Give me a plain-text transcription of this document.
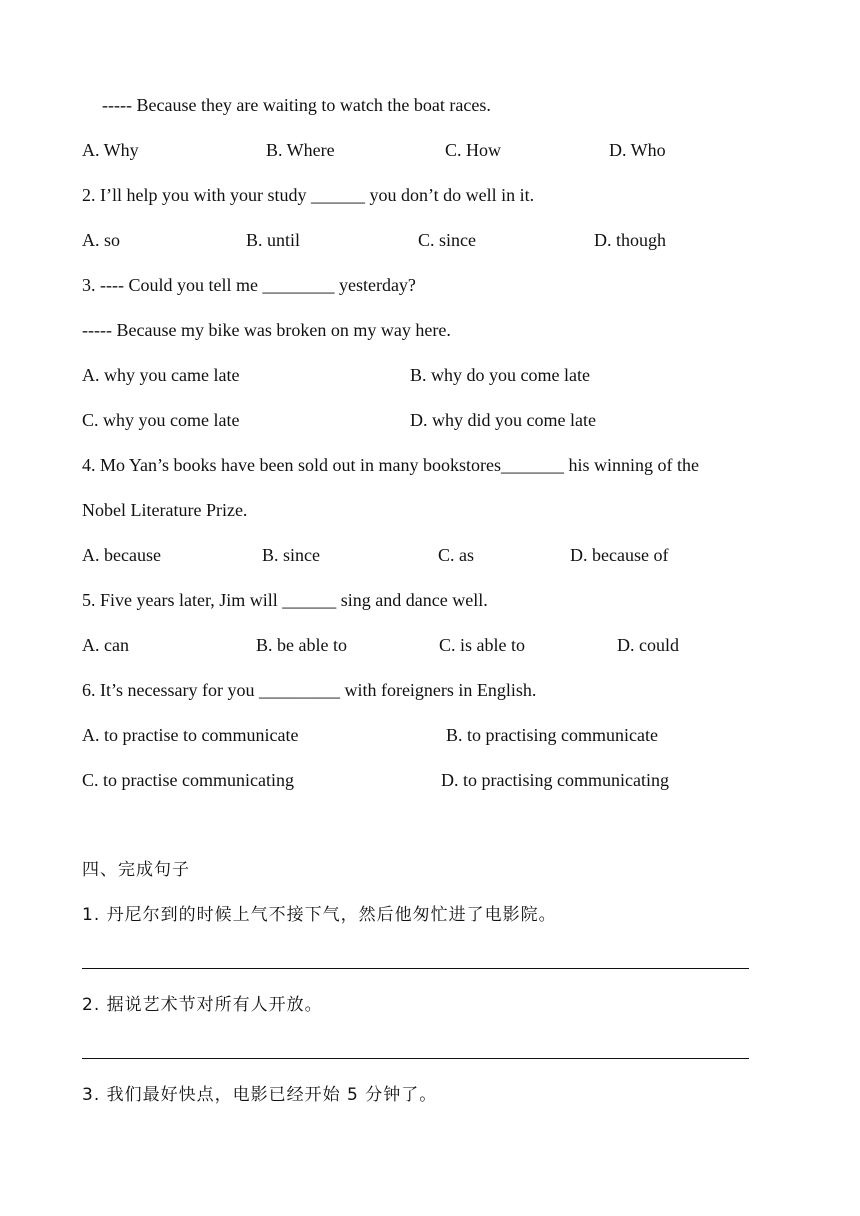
----- Because they are waiting to watch the boat races.
A. Why	B. Where	C. How	D. Who
2. I’ll help you with your study ______ you don’t do well in it.
A. so	B. until	C. since	D. though
3. ---- Could you tell me ________ yesterday?
----- Because my bike was broken on my way here.
A. why you came late	B. why do you come late
C. why you come late	D. why did you come late
4. Mo Yan’s books have been sold out in many bookstores_______ his winning of the
Nobel Literature Prize.
A. because	B. since	C. as	D. because of
5. Five years later, Jim will ______ sing and dance well.
A. can	B. be able to	C. is able to	D. could
6. It’s necessary for you _________ with foreigners in English.
A. to practise to communicate	B. to practising communicate
C. to practise communicating	D. to practising communicating
四、完成句子
1. 丹尼尔到的时候上气不接下气，然后他匆忙进了电影院。
2. 据说艺术节对所有人开放。
3. 我们最好快点，电影已经开始 5 分钟了。
